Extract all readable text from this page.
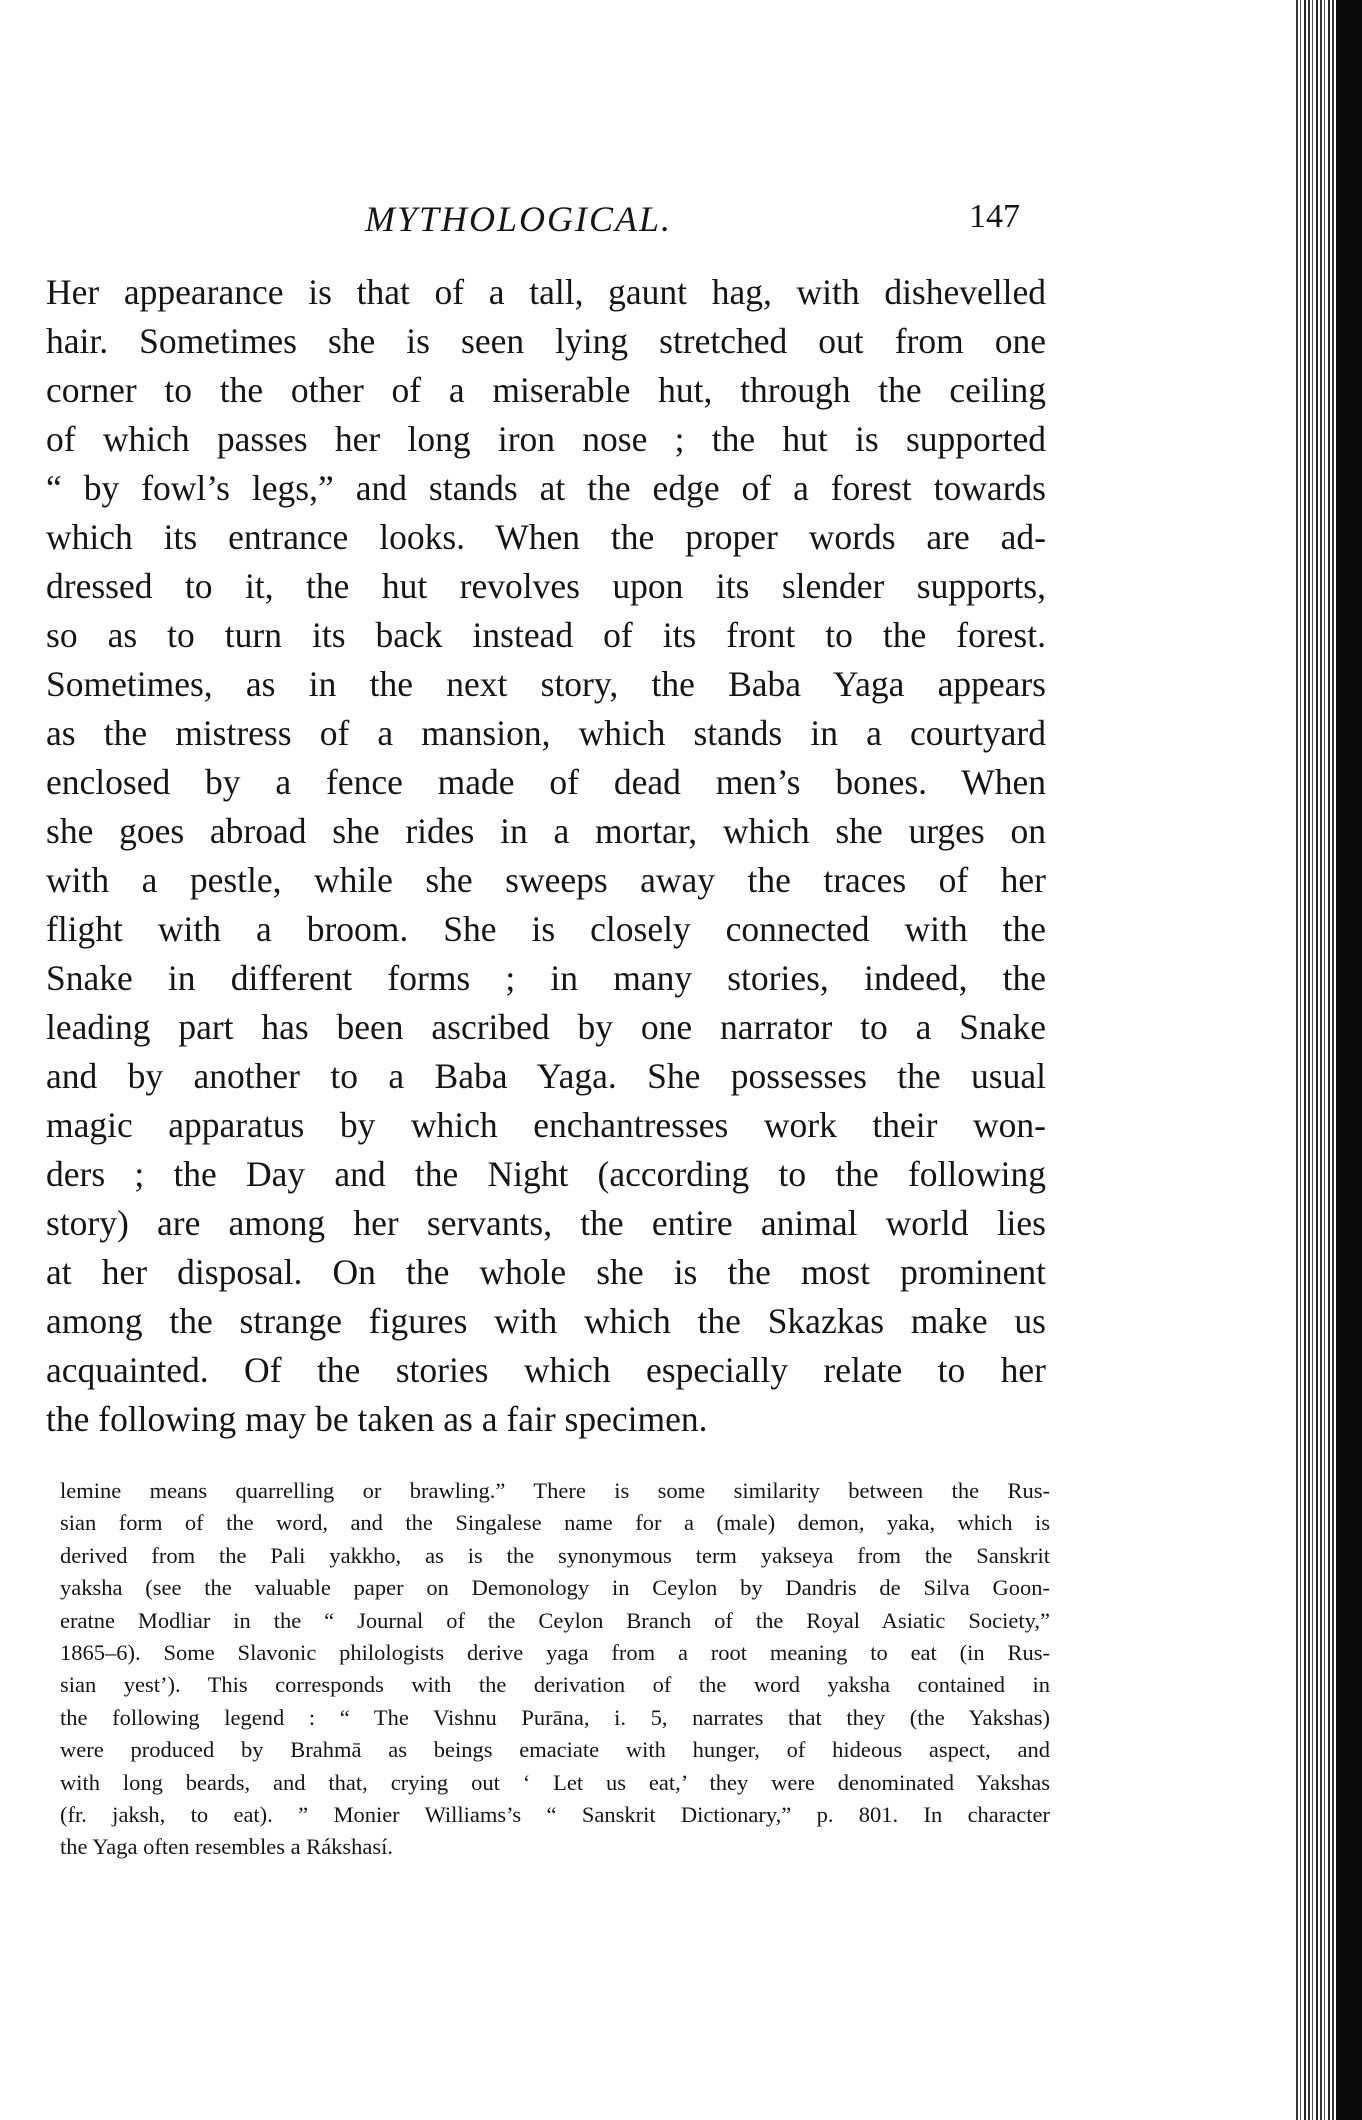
MYTHOLOGICAL.	147
Her appearance is that of a tall, gaunt hag, with dishevelled
hair. Sometimes she is seen lying stretched out from one
corner to the other of a miserable hut, through the ceiling
of which passes her long iron nose ; the hut is supported
“ by fowl’s legs,” and stands at the edge of a forest towards
which its entrance looks. When the proper words are ad-
dressed to it, the hut revolves upon its slender supports,
so as to turn its back instead of its front to the forest.
Sometimes, as in the next story, the Baba Yaga appears
as the mistress of a mansion, which stands in a courtyard
enclosed by a fence made of dead men’s bones. When
she goes abroad she rides in a mortar, which she urges on
with a pestle, while she sweeps away the traces of her
flight with a broom. She is closely connected with the
Snake in different forms ; in many stories, indeed, the
leading part has been ascribed by one narrator to a Snake
and by another to a Baba Yaga. She possesses the usual
magic apparatus by which enchantresses work their won-
ders ; the Day and the Night (according to the following
story) are among her servants, the entire animal world lies
at her disposal. On the whole she is the most prominent
among the strange figures with which the Skazkas make us
acquainted. Of the stories which especially relate to her
the following may be taken as a fair specimen.
lemine means quarrelling or brawling.” There is some similarity between the Rus-
sian form of the word, and the Singalese name for a (male) demon, yaka, which is
derived from the Pali yakkho, as is the synonymous term yakseya from the Sanskrit
yaksha (see the valuable paper on Demonology in Ceylon by Dandris de Silva Goon-
eratne Modliar in the “ Journal of the Ceylon Branch of the Royal Asiatic Society,”
1865–6). Some Slavonic philologists derive yaga from a root meaning to eat (in Rus-
sian yest’). This corresponds with the derivation of the word yaksha contained in
the following legend : “ The Vishnu Purāna, i. 5, narrates that they (the Yakshas)
were produced by Brahmā as beings emaciate with hunger, of hideous aspect, and
with long beards, and that, crying out ‘ Let us eat,’ they were denominated Yakshas
(fr. jaksh, to eat). ” Monier Williams’s “ Sanskrit Dictionary,” p. 801. In character
the Yaga often resembles a Rákshasí.
